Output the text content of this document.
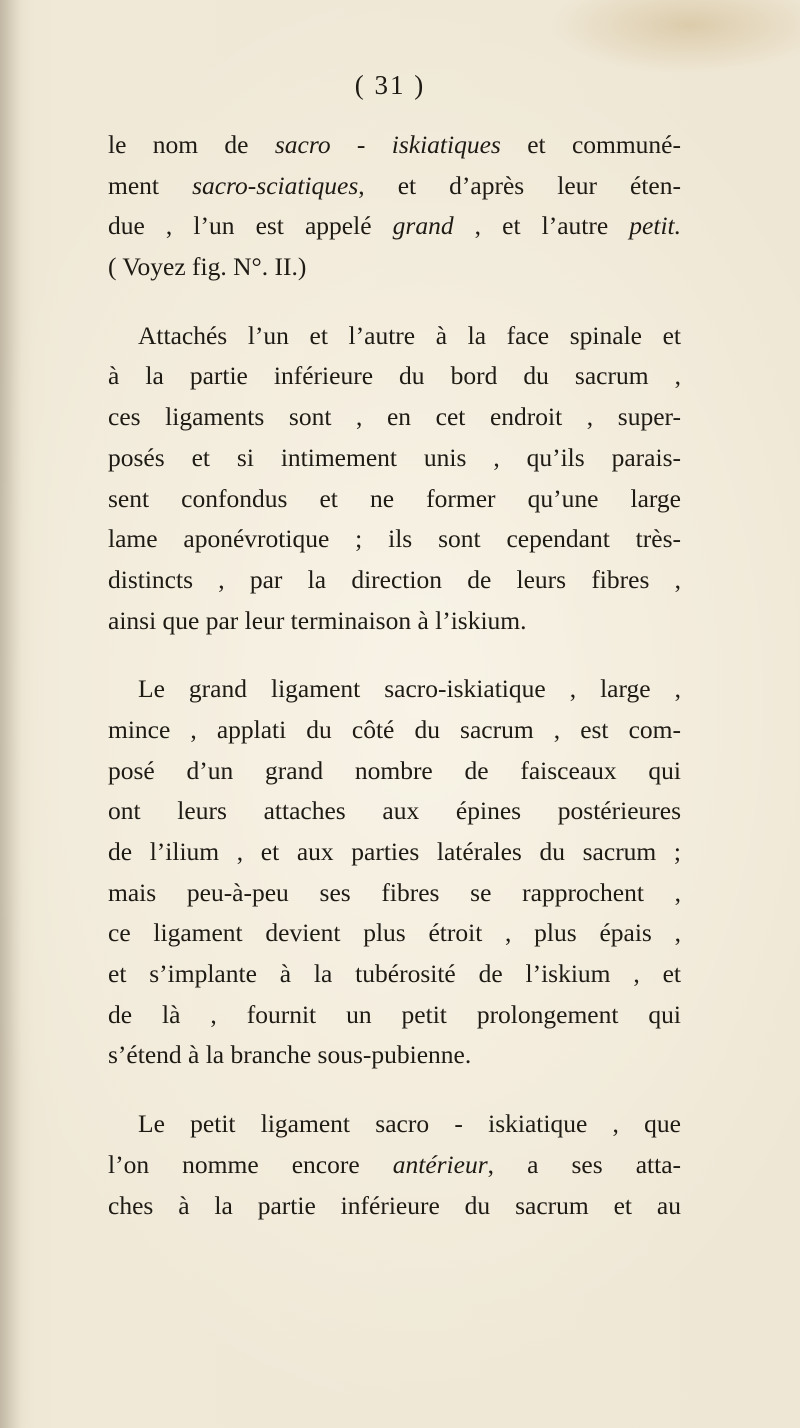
( 31 )
le nom de sacro - iskiatiques et communé-
ment sacro-sciatiques, et d’après leur éten-
due , l’un est appelé grand , et l’autre petit.
( Voyez fig. N°. II.)
Attachés l’un et l’autre à la face spinale et
à la partie inférieure du bord du sacrum ,
ces ligaments sont , en cet endroit , super-
posés et si intimement unis , qu’ils parais-
sent confondus et ne former qu’une large
lame aponévrotique ; ils sont cependant très-
distincts , par la direction de leurs fibres ,
ainsi que par leur terminaison à l’iskium.
Le grand ligament sacro-iskiatique , large ,
mince , applati du côté du sacrum , est com-
posé d’un grand nombre de faisceaux qui
ont leurs attaches aux épines postérieures
de l’ilium , et aux parties latérales du sacrum ;
mais peu-à-peu ses fibres se rapprochent ,
ce ligament devient plus étroit , plus épais ,
et s’implante à la tubérosité de l’iskium , et
de là , fournit un petit prolongement qui
s’étend à la branche sous-pubienne.
Le petit ligament sacro - iskiatique , que
l’on nomme encore antérieur, a ses atta-
ches à la partie inférieure du sacrum et au
